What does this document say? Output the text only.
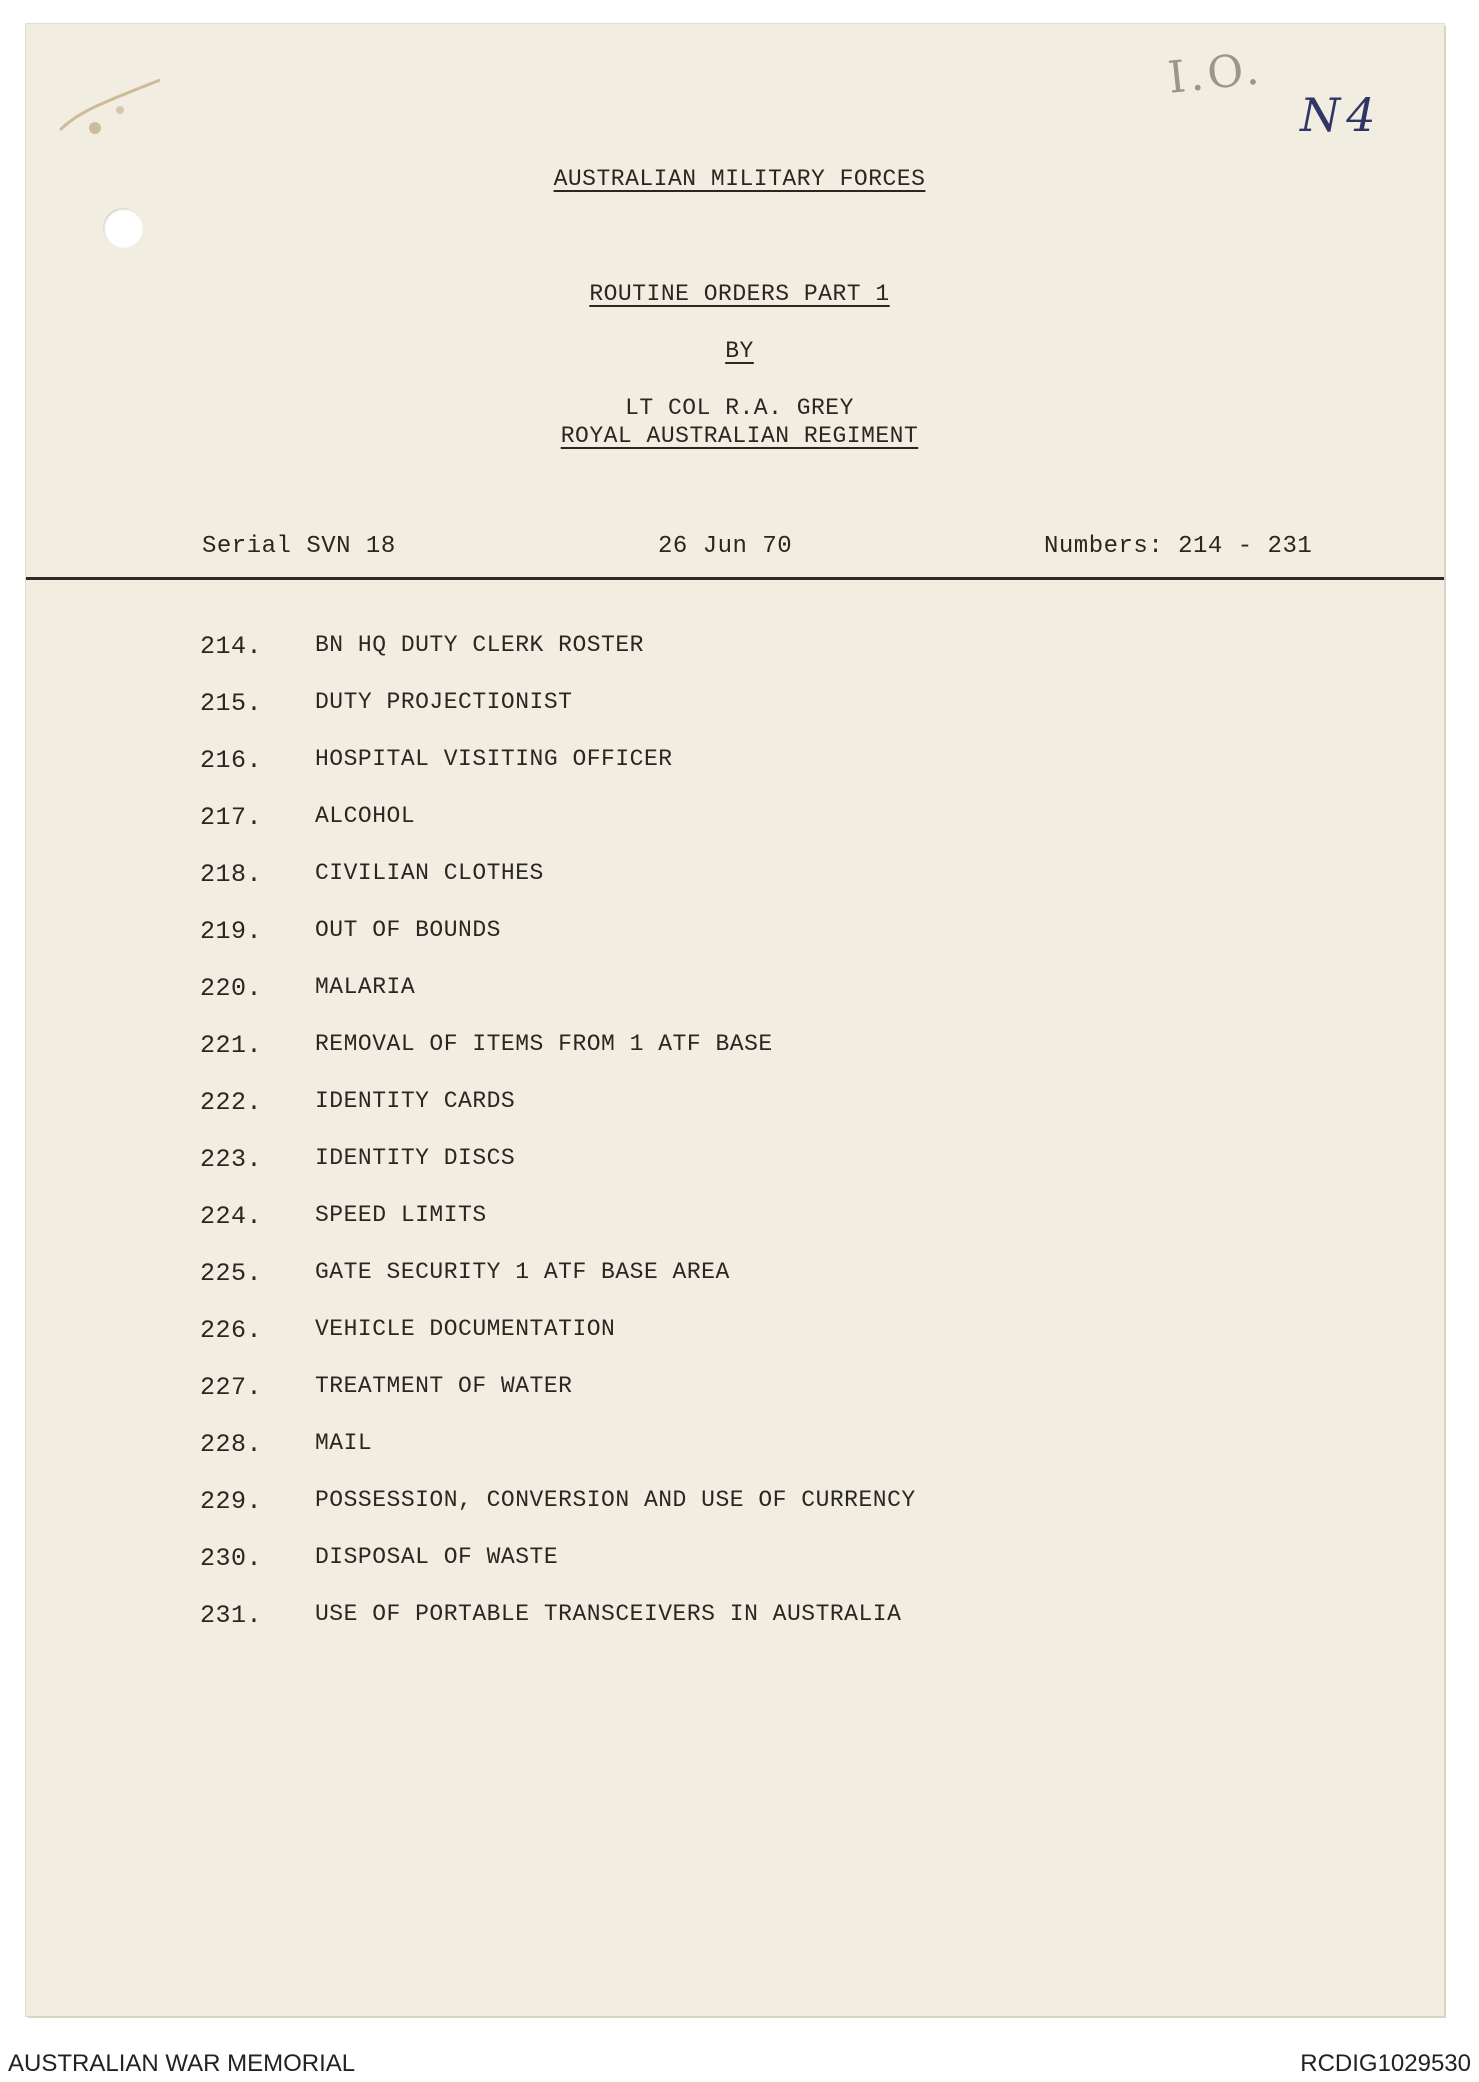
I.O.
N4
AUSTRALIAN MILITARY FORCES
ROUTINE ORDERS PART 1
BY
LT COL R.A. GREY
ROYAL AUSTRALIAN REGIMENT
Serial SVN 18	26 Jun 70	Numbers: 214 - 231
214. BN HQ DUTY CLERK ROSTER
215. DUTY PROJECTIONIST
216. HOSPITAL VISITING OFFICER
217. ALCOHOL
218. CIVILIAN CLOTHES
219. OUT OF BOUNDS
220. MALARIA
221. REMOVAL OF ITEMS FROM 1 ATF BASE
222. IDENTITY CARDS
223. IDENTITY DISCS
224. SPEED LIMITS
225. GATE SECURITY 1 ATF BASE AREA
226. VEHICLE DOCUMENTATION
227. TREATMENT OF WATER
228. MAIL
229. POSSESSION, CONVERSION AND USE OF CURRENCY
230. DISPOSAL OF WASTE
231. USE OF PORTABLE TRANSCEIVERS IN AUSTRALIA
AUSTRALIAN WAR MEMORIAL	RCDIG1029530
